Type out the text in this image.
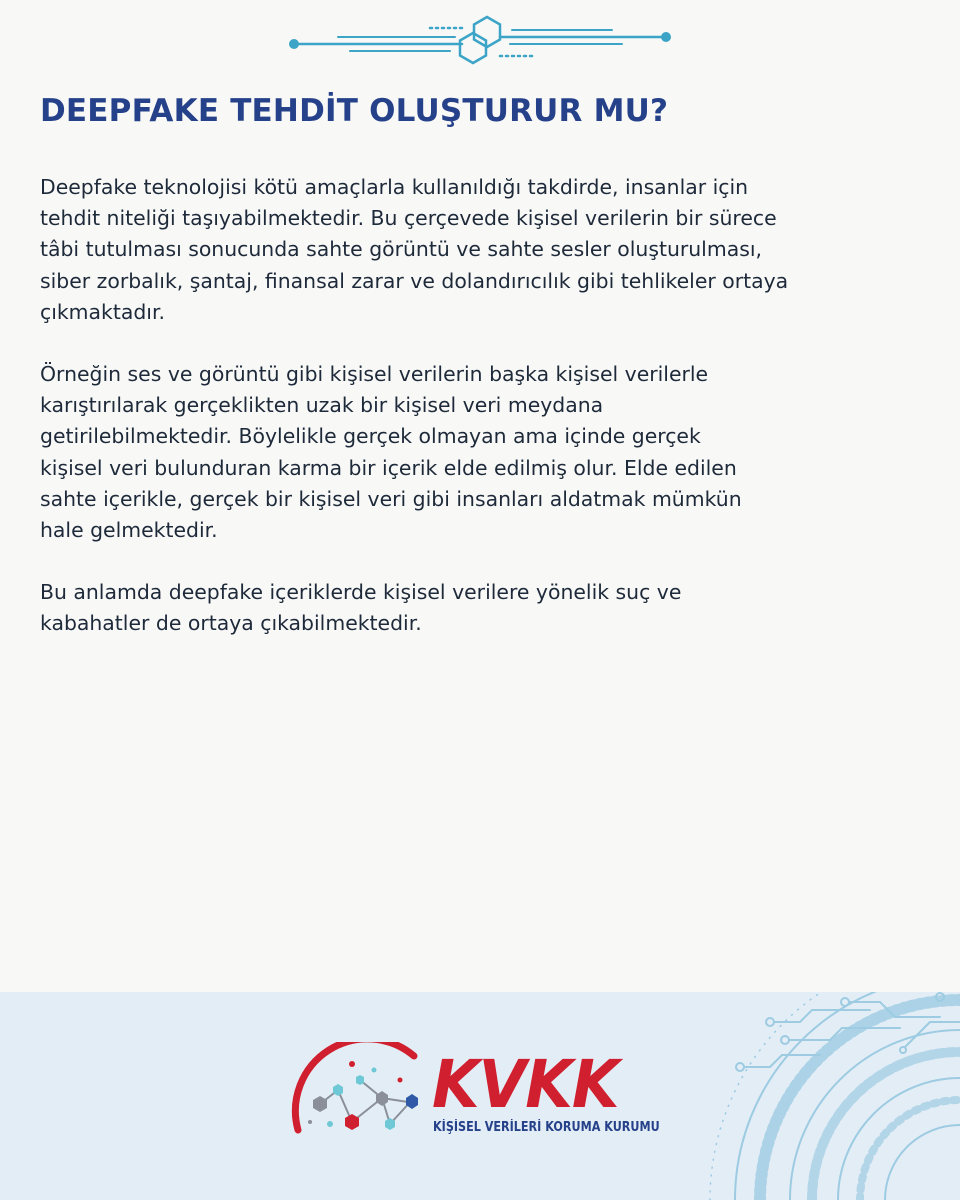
DEEPFAKE TEHDİT OLUŞTURUR MU?

Deepfake teknolojisi kötü amaçlarla kullanıldığı takdirde, insanlar için
tehdit niteliği taşıyabilmektedir. Bu çerçevede kişisel verilerin bir sürece
tâbi tutulması sonucunda sahte görüntü ve sahte sesler oluşturulması,
siber zorbalık, şantaj, finansal zarar ve dolandırıcılık gibi tehlikeler ortaya
çıkmaktadır.

Örneğin ses ve görüntü gibi kişisel verilerin başka kişisel verilerle
karıştırılarak gerçeklikten uzak bir kişisel veri meydana
getirilebilmektedir. Böylelikle gerçek olmayan ama içinde gerçek
kişisel veri bulunduran karma bir içerik elde edilmiş olur. Elde edilen
sahte içerikle, gerçek bir kişisel veri gibi insanları aldatmak mümkün
hale gelmektedir.

Bu anlamda deepfake içeriklerde kişisel verilere yönelik suç ve
kabahatler de ortaya çıkabilmektedir.

KVKK
KİŞİSEL VERİLERİ KORUMA KURUMU
